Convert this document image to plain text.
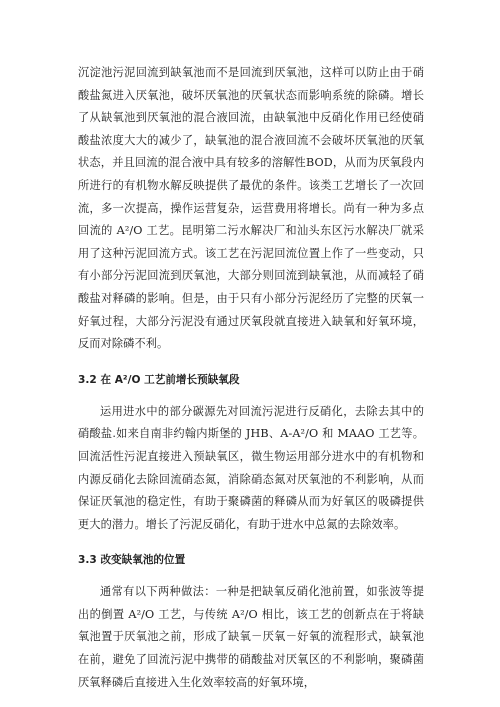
沉淀池污泥回流到缺氧池而不是回流到厌氧池，这样可以防止由于硝酸盐氮进入厌氧池，破坏厌氧池的厌氧状态而影响系统的除磷。增长了从缺氧池到厌氧池的混合液回流，由缺氧池中反硝化作用已经使硝酸盐浓度大大的减少了，缺氧池的混合液回流不会破坏厌氧池的厌氧状态，并且回流的混合液中具有较多的溶解性BOD，从而为厌氧段内所进行的有机物水解反映提供了最优的条件。该类工艺增长了一次回流，多一次提高，操作运营复杂，运营费用将增长。尚有一种为多点回流的 A²/O 工艺。昆明第二污水解决厂和汕头东区污水解决厂就采用了这种污泥回流方式。该工艺在污泥回流位置上作了一些变动，只有小部分污泥回流到厌氧池，大部分则回流到缺氧池，从而减轻了硝酸盐对释磷的影响。但是，由于只有小部分污泥经历了完整的厌氧一好氧过程，大部分污泥没有通过厌氧段就直接进入缺氧和好氧环境，反而对除磷不利。

3.2 在 A²/O 工艺前增长预缺氧段

运用进水中的部分碳源先对回流污泥进行反硝化，去除去其中的硝酸盐.如来自南非约翰内斯堡的 JHB、A-A²/O 和 MAAO 工艺等。回流活性污泥直接进入预缺氧区，微生物运用部分进水中的有机物和内源反硝化去除回流硝态氮，消除硝态氮对厌氧池的不利影响，从而保证厌氧池的稳定性，有助于聚磷菌的释磷从而为好氧区的吸磷提供更大的潜力。增长了污泥反硝化，有助于进水中总氮的去除效率。

3.3 改变缺氧池的位置

通常有以下两种做法：一种是把缺氧反硝化池前置，如张波等提出的倒置 A²/O 工艺，与传统 A²/O 相比，该工艺的创新点在于将缺氧池置于厌氧池之前，形成了缺氧－厌氧－好氧的流程形式，缺氧池在前，避免了回流污泥中携带的硝酸盐对厌氧区的不利影响，聚磷菌厌氧释磷后直接进入生化效率较高的好氧环境，
